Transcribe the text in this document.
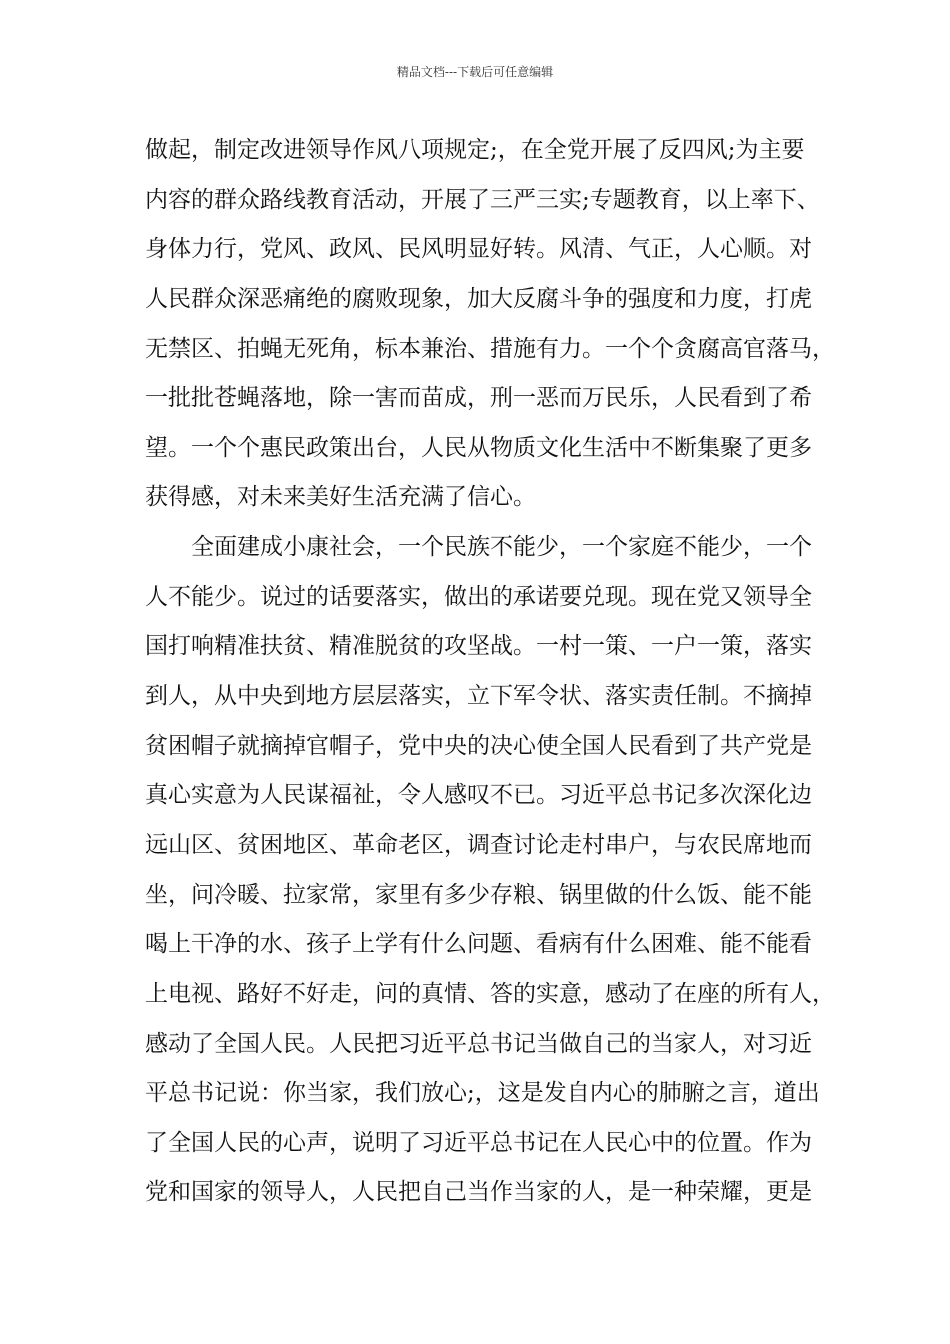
精品文档---下载后可任意编辑
做起，制定改进领导作风八项规定;，在全党开展了反四风;为主要
内容的群众路线教育活动，开展了三严三实;专题教育，以上率下、
身体力行，党风、政风、民风明显好转。风清、气正，人心顺。对
人民群众深恶痛绝的腐败现象，加大反腐斗争的强度和力度，打虎
无禁区、拍蝇无死角，标本兼治、措施有力。一个个贪腐高官落马，
一批批苍蝇落地，除一害而苗成，刑一恶而万民乐，人民看到了希
望。一个个惠民政策出台，人民从物质文化生活中不断集聚了更多
获得感，对未来美好生活充满了信心。
全面建成小康社会，一个民族不能少，一个家庭不能少，一个
人不能少。说过的话要落实，做出的承诺要兑现。现在党又领导全
国打响精准扶贫、精准脱贫的攻坚战。一村一策、一户一策，落实
到人，从中央到地方层层落实，立下军令状、落实责任制。不摘掉
贫困帽子就摘掉官帽子，党中央的决心使全国人民看到了共产党是
真心实意为人民谋福祉，令人感叹不已。习近平总书记多次深化边
远山区、贫困地区、革命老区，调查讨论走村串户，与农民席地而
坐，问冷暖、拉家常，家里有多少存粮、锅里做的什么饭、能不能
喝上干净的水、孩子上学有什么问题、看病有什么困难、能不能看
上电视、路好不好走，问的真情、答的实意，感动了在座的所有人，
感动了全国人民。人民把习近平总书记当做自己的当家人，对习近
平总书记说：你当家，我们放心;，这是发自内心的肺腑之言，道出
了全国人民的心声，说明了习近平总书记在人民心中的位置。作为
党和国家的领导人，人民把自己当作当家的人，是一种荣耀，更是
